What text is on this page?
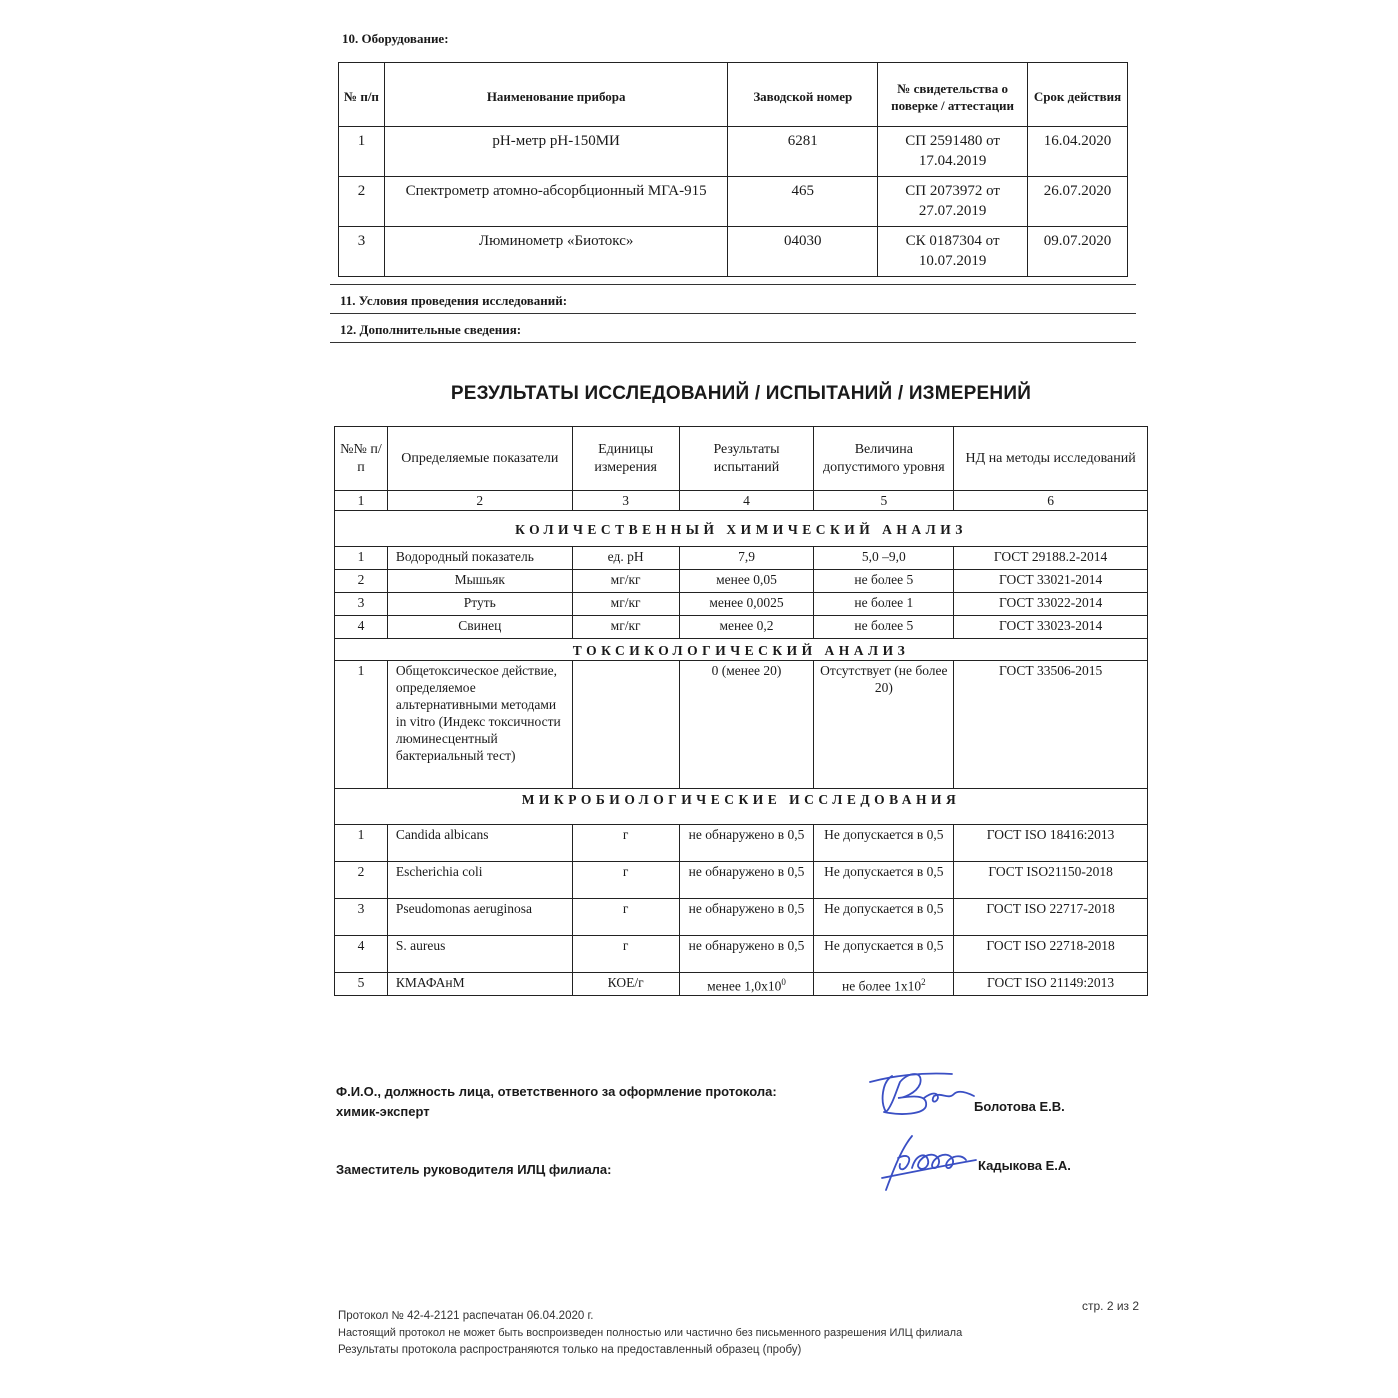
10. Оборудование:
№ п/п	Наименование прибора	Заводской номер	№ свидетельства о поверке / аттестации	Срок действия
1	pH-метр pH-150МИ	6281	СП 2591480 от 17.04.2019	16.04.2020
2	Спектрометр атомно-абсорбционный МГА-915	465	СП 2073972 от 27.07.2019	26.07.2020
3	Люминометр «Биотокс»	04030	СК 0187304 от 10.07.2019	09.07.2020
11. Условия проведения исследований:
12. Дополнительные сведения:
РЕЗУЛЬТАТЫ ИССЛЕДОВАНИЙ / ИСПЫТАНИЙ / ИЗМЕРЕНИЙ
№№ п/п	Определяемые показатели	Единицы измерения	Результаты испытаний	Величина допустимого уровня	НД на методы исследований
1	2	3	4	5	6
КОЛИЧЕСТВЕННЫЙ ХИМИЧЕСКИЙ АНАЛИЗ					
1	Водородный показатель	ед. pH	7,9	5,0 –9,0	ГОСТ 29188.2-2014
2	Мышьяк	мг/кг	менее 0,05	не более 5	ГОСТ 33021-2014
3	Ртуть	мг/кг	менее 0,0025	не более 1	ГОСТ 33022-2014
4	Свинец	мг/кг	менее 0,2	не более 5	ГОСТ 33023-2014
ТОКСИКОЛОГИЧЕСКИЙ АНАЛИЗ					
1	Общетоксическое действие, определяемое альтернативными методами in vitro (Индекс токсичности люминесцентный бактериальный тест)		0 (менее 20)	Отсутствует (не более 20)	ГОСТ 33506-2015
МИКРОБИОЛОГИЧЕСКИЕ ИССЛЕДОВАНИЯ					
1	Candida albicans	г	не обнаружено в 0,5	Не допускается в 0,5	ГОСТ ISO 18416:2013
2	Escherichia coli	г	не обнаружено в 0,5	Не допускается в 0,5	ГОСТ ISO21150-2018
3	Pseudomonas aeruginosa	г	не обнаружено в 0,5	Не допускается в 0,5	ГОСТ ISO 22717-2018
4	S. aureus	г	не обнаружено в 0,5	Не допускается в 0,5	ГОСТ ISO 22718-2018
5	КМАФАнМ	КОЕ/г	менее $1,0х10^0$	не более $1х10^2$	ГОСТ ISO 21149:2013
Ф.И.О., должность лица, ответственного за оформление протокола:
химик-эксперт	Болотова Е.В.
Заместитель руководителя ИЛЦ филиала:	Кадыкова Е.А.
Протокол № 42-4-2121 распечатан 06.04.2020 г.
Настоящий протокол не может быть воспроизведен полностью или частично без письменного разрешения ИЛЦ филиала
Результаты протокола распространяются только на предоставленный образец (пробу)
стр. 2 из 2
